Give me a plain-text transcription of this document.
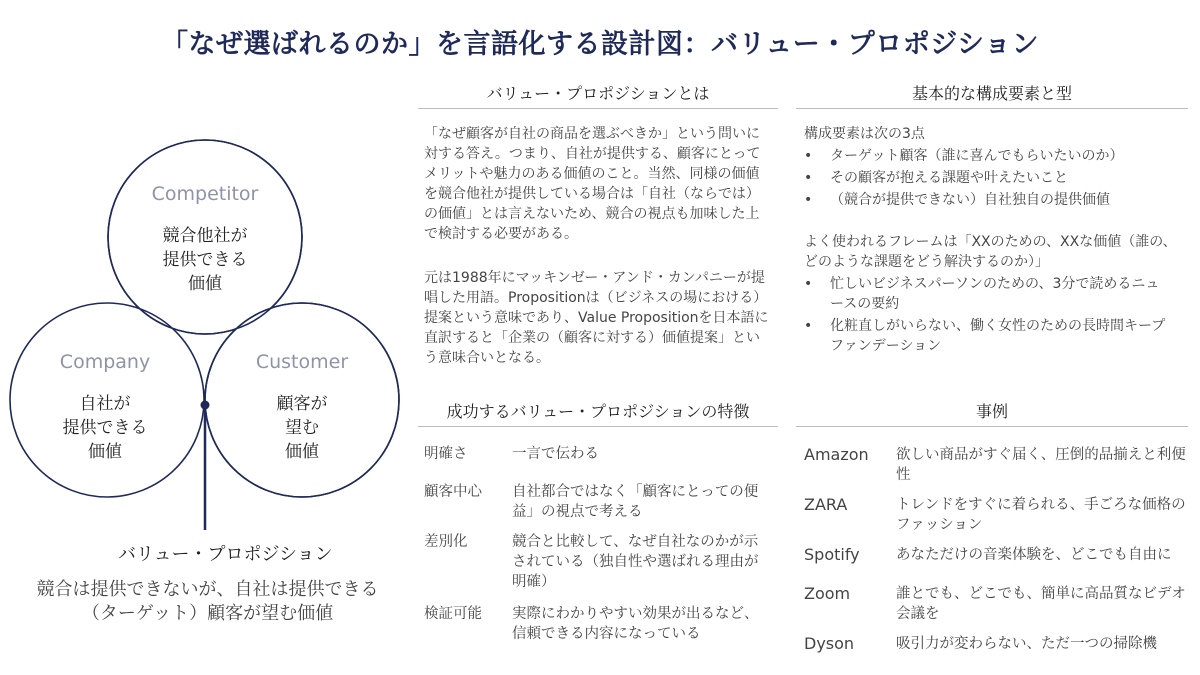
「なぜ選ばれるのか」を言語化する設計図：バリュー・プロポジション
Competitor
競合他社が
提供できる
価値
Company
自社が
提供できる
価値
Customer
顧客が
望む
価値
バリュー・プロポジション
競合は提供できないが、自社は提供できる（ターゲット）顧客が望む価値
バリュー・プロポジションとは

「なぜ顧客が自社の商品を選ぶべきか」という問いに対する答え。つまり、自社が提供する、顧客にとってメリットや魅力のある価値のこと。当然、同様の価値を競合他社が提供している場合は「自社（ならでは）の価値」とは言えないため、競合の視点も加味した上で検討する必要がある。

元は1988年にマッキンゼー・アンド・カンパニーが提唱した用語。Propositionは（ビジネスの場における）提案という意味であり、Value Propositionを日本語に直訳すると「企業の（顧客に対する）価値提案」という意味合いとなる。

基本的な構成要素と型
構成要素は次の3点
• ターゲット顧客（誰に喜んでもらいたいのか）
• その顧客が抱える課題や叶えたいこと
• （競合が提供できない）自社独自の提供価値

よく使われるフレームは「XXのための、XXな価値（誰の、どのような課題をどう解決するのか）」

• 忙しいビジネスパーソンのための、3分で読めるニュースの要約
• 化粧直しがいらない、働く女性のための長時間キープファンデーション
成功するバリュー・プロポジションの特徴
明確さ	一言で伝わる
顧客中心 自社都合ではなく「顧客にとっての便益」の視点で考える
差別化	競合と比較して、なぜ自社なのかが示されている（独自性や選ばれる理由が明確）
検証可能 実際にわかりやすい効果が出るなど、信頼できる内容になっている
事例
Amazon 欲しい商品がすぐ届く、圧倒的品揃えと利便性
ZARA	トレンドをすぐに着られる、手ごろな価格のファッション
Spotify	あなただけの音楽体験を、どこでも自由に
Zoom	誰とでも、どこでも、簡単に高品質なビデオ会議を
Dyson	吸引力が変わらない、ただ一つの掃除機
